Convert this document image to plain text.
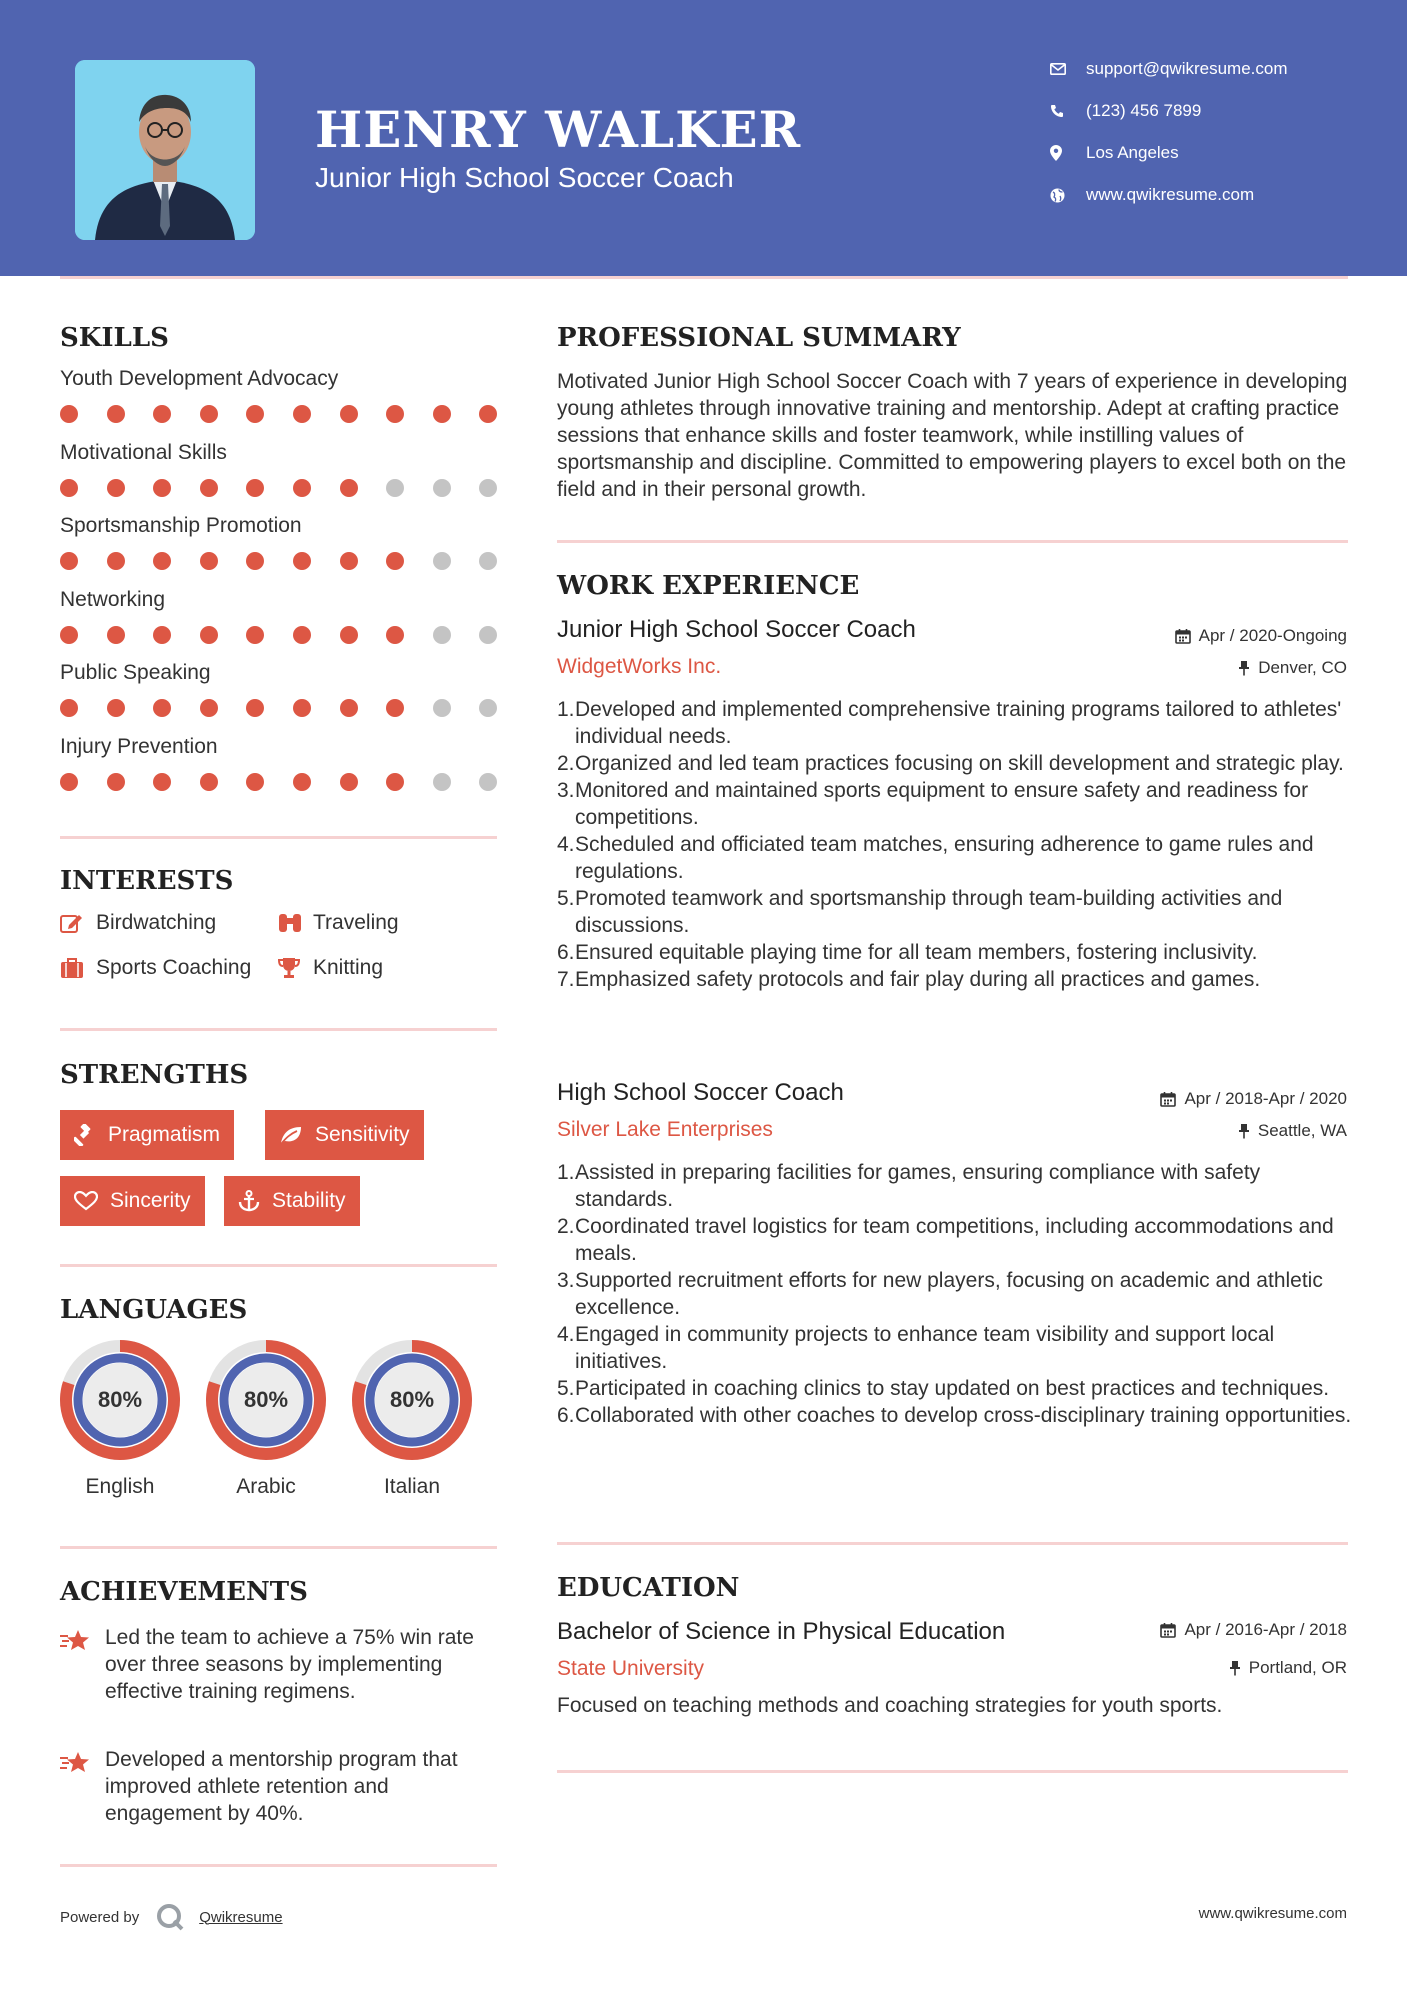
HENRY WALKER
Junior High School Soccer Coach
support@qwikresume.com
(123) 456 7899
Los Angeles
www.qwikresume.com
SKILLS
Youth Development Advocacy
Motivational Skills
Sportsmanship Promotion
Networking
Public Speaking
Injury Prevention
INTERESTS
Birdwatching	Traveling
Sports Coaching	Knitting
STRENGTHS
Pragmatism	Sensitivity
Sincerity	Stability
LANGUAGES
80%
English
80%
Arabic
80%
Italian
ACHIEVEMENTS
Led the team to achieve a 75% win rate over three seasons by implementing effective training regimens.
Developed a mentorship program that improved athlete retention and engagement by 40%.
PROFESSIONAL SUMMARY
Motivated Junior High School Soccer Coach with 7 years of experience in developing young athletes through innovative training and mentorship. Adept at crafting practice sessions that enhance skills and foster teamwork, while instilling values of sportsmanship and discipline. Committed to empowering players to excel both on the field and in their personal growth.
WORK EXPERIENCE
Junior High School Soccer Coach
WidgetWorks Inc.
Apr / 2020-Ongoing
Denver, CO
1. Developed and implemented comprehensive training programs tailored to athletes' individual needs.
2. Organized and led team practices focusing on skill development and strategic play.
3. Monitored and maintained sports equipment to ensure safety and readiness for competitions.
4. Scheduled and officiated team matches, ensuring adherence to game rules and regulations.
5. Promoted teamwork and sportsmanship through team-building activities and discussions.
6. Ensured equitable playing time for all team members, fostering inclusivity.
7. Emphasized safety protocols and fair play during all practices and games.
High School Soccer Coach
Silver Lake Enterprises
Apr / 2018-Apr / 2020
Seattle, WA
1. Assisted in preparing facilities for games, ensuring compliance with safety standards.
2. Coordinated travel logistics for team competitions, including accommodations and meals.
3. Supported recruitment efforts for new players, focusing on academic and athletic excellence.
4. Engaged in community projects to enhance team visibility and support local initiatives.
5. Participated in coaching clinics to stay updated on best practices and techniques.
6. Collaborated with other coaches to develop cross-disciplinary training opportunities.
EDUCATION
Bachelor of Science in Physical Education
State University
Apr / 2016-Apr / 2018
Portland, OR
Focused on teaching methods and coaching strategies for youth sports.
Powered by	Qwikresume	www.qwikresume.com
